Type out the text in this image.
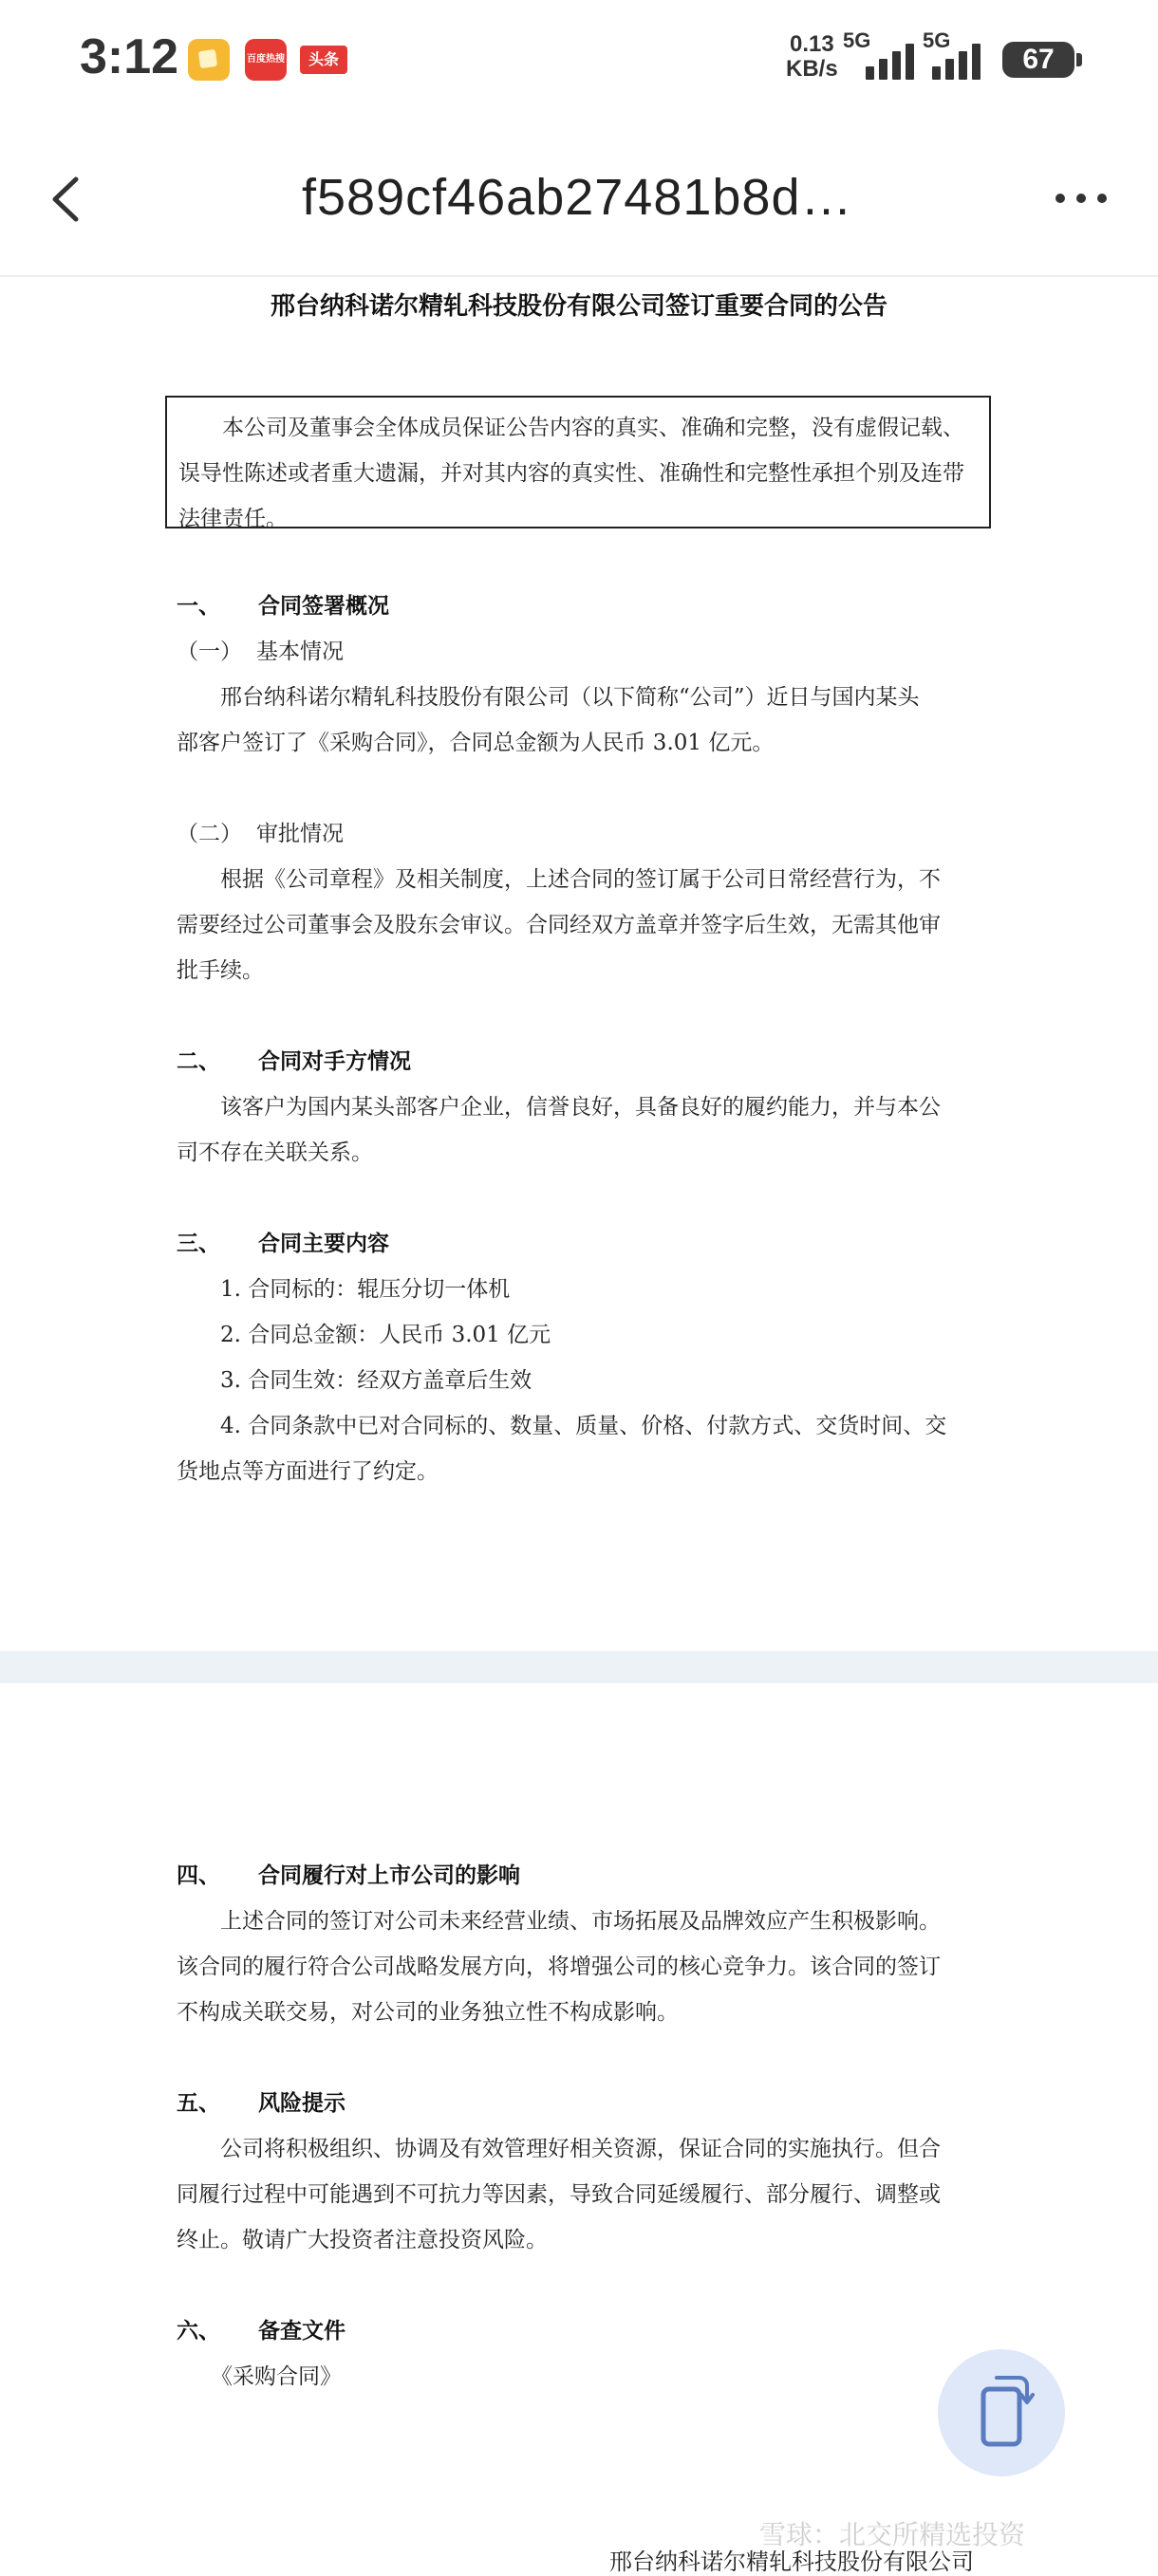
3:12	百度热搜	头条
0.13
KB/s
5G 5G
67
f589cf46ab27481b8d…
邢台纳科诺尔精轧科技股份有限公司签订重要合同的公告
本公司及董事会全体成员保证公告内容的真实、准确和完整，没有虚假记载、误导性陈述或者重大遗漏，并对其内容的真实性、准确性和完整性承担个别及连带法律责任。
一、 合同签署概况
（一） 基本情况
邢台纳科诺尔精轧科技股份有限公司（以下简称“公司”）近日与国内某头
部客户签订了《采购合同》，合同总金额为人民币 3.01 亿元。
（二） 审批情况
根据《公司章程》及相关制度，上述合同的签订属于公司日常经营行为，不
需要经过公司董事会及股东会审议。合同经双方盖章并签字后生效，无需其他审
批手续。
二、 合同对手方情况
该客户为国内某头部客户企业，信誉良好，具备良好的履约能力，并与本公
司不存在关联关系。
三、 合同主要内容
1. 合同标的：辊压分切一体机
2. 合同总金额：人民币 3.01 亿元
3. 合同生效：经双方盖章后生效
4. 合同条款中已对合同标的、数量、质量、价格、付款方式、交货时间、交
货地点等方面进行了约定。
四、 合同履行对上市公司的影响
上述合同的签订对公司未来经营业绩、市场拓展及品牌效应产生积极影响。
该合同的履行符合公司战略发展方向，将增强公司的核心竞争力。该合同的签订
不构成关联交易，对公司的业务独立性不构成影响。
五、 风险提示
公司将积极组织、协调及有效管理好相关资源，保证合同的实施执行。但合
同履行过程中可能遇到不可抗力等因素，导致合同延缓履行、部分履行、调整或
终止。敬请广大投资者注意投资风险。
六、 备查文件
《采购合同》
雪球：北交所精选投资
邢台纳科诺尔精轧科技股份有限公司
